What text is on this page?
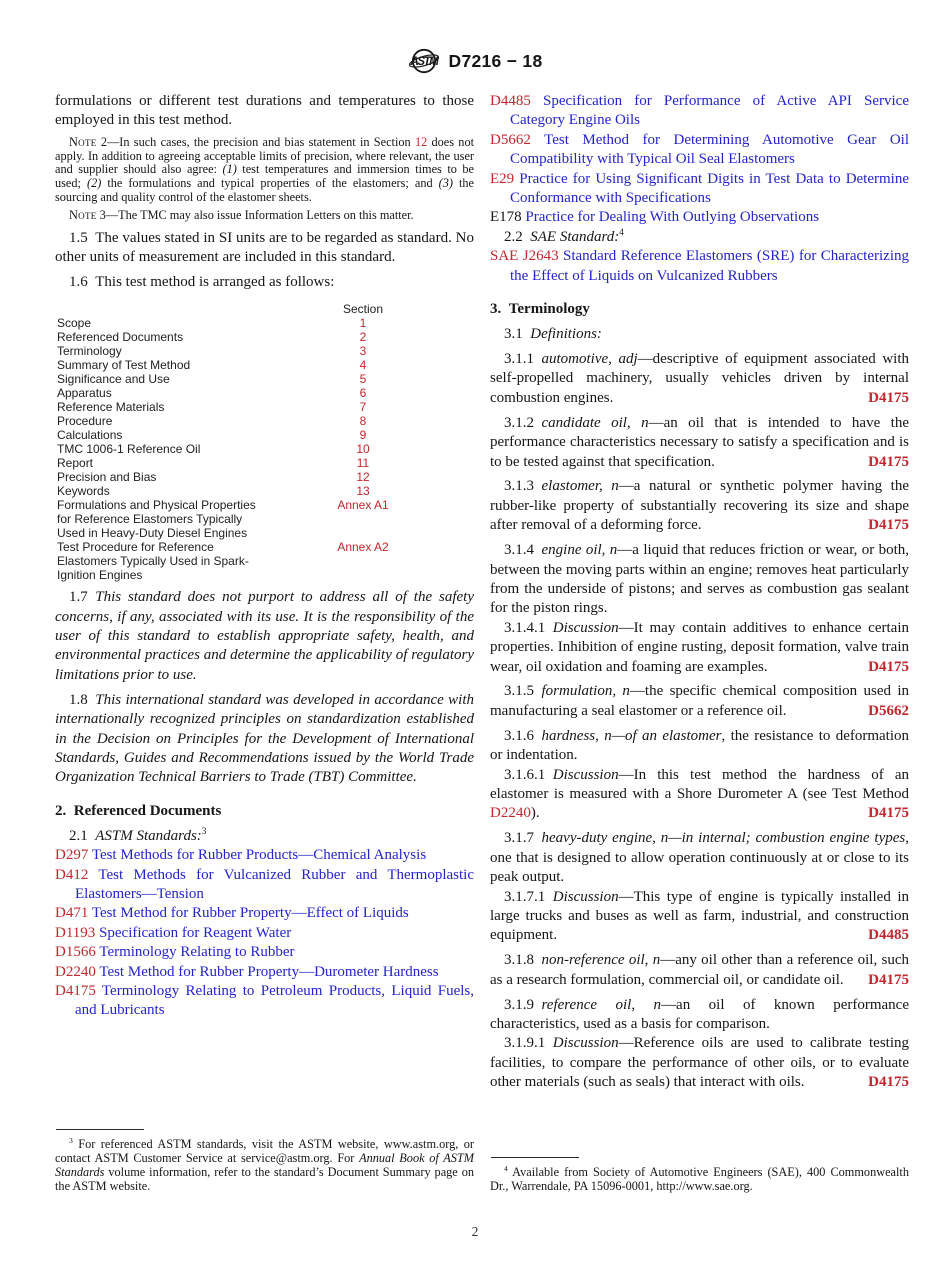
ASTM D7216 − 18

formulations or different test durations and temperatures to those employed in this test method.

Note 2—In such cases, the precision and bias statement in Section 12 does not apply. In addition to agreeing acceptable limits of precision, where relevant, the user and supplier should also agree: (1) test temperatures and immersion times to be used; (2) the formulations and typical properties of the elastomers; and (3) the sourcing and quality control of the elastomer sheets.

Note 3—The TMC may also issue Information Letters on this matter.

1.5 The values stated in SI units are to be regarded as standard. No other units of measurement are included in this standard.

1.6 This test method is arranged as follows:

Section
Scope	1
Referenced Documents	2
Terminology	3
Summary of Test Method	4
Significance and Use	5
Apparatus	6
Reference Materials	7
Procedure	8
Calculations	9
TMC 1006-1 Reference Oil	10
Report	11
Precision and Bias	12
Keywords	13
Formulations and Physical Properties	Annex A1
for Reference Elastomers Typically
Used in Heavy-Duty Diesel Engines
Test Procedure for Reference	Annex A2
Elastomers Typically Used in Spark-
Ignition Engines

1.7 This standard does not purport to address all of the safety concerns, if any, associated with its use. It is the responsibility of the user of this standard to establish appropriate safety, health, and environmental practices and determine the applicability of regulatory limitations prior to use.

1.8 This international standard was developed in accordance with internationally recognized principles on standardization established in the Decision on Principles for the Development of International Standards, Guides and Recommendations issued by the World Trade Organization Technical Barriers to Trade (TBT) Committee.

2. Referenced Documents

2.1 ASTM Standards:$^3$

D297 Test Methods for Rubber Products—Chemical Analysis

D412 Test Methods for Vulcanized Rubber and Thermoplastic Elastomers—Tension

D471 Test Method for Rubber Property—Effect of Liquids

D1193 Specification for Reagent Water

D1566 Terminology Relating to Rubber

D2240 Test Method for Rubber Property—Durometer Hardness

D4175 Terminology Relating to Petroleum Products, Liquid Fuels, and Lubricants

$^3$ For referenced ASTM standards, visit the ASTM website, www.astm.org, or contact ASTM Customer Service at service@astm.org. For Annual Book of ASTM Standards volume information, refer to the standard’s Document Summary page on the ASTM website.

D4485 Specification for Performance of Active API Service Category Engine Oils

D5662 Test Method for Determining Automotive Gear Oil Compatibility with Typical Oil Seal Elastomers

E29 Practice for Using Significant Digits in Test Data to Determine Conformance with Specifications

E178 Practice for Dealing With Outlying Observations

2.2 SAE Standard:$^4$

SAE J2643 Standard Reference Elastomers (SRE) for Characterizing the Effect of Liquids on Vulcanized Rubbers

3. Terminology

3.1 Definitions:

3.1.1 automotive, adj—descriptive of equipment associated with self-propelled machinery, usually vehicles driven by internal combustion engines.	D4175

3.1.2 candidate oil, n—an oil that is intended to have the performance characteristics necessary to satisfy a specification and is to be tested against that specification.	D4175

3.1.3 elastomer, n—a natural or synthetic polymer having the rubber-like property of substantially recovering its size and shape after removal of a deforming force.	D4175

3.1.4 engine oil, n—a liquid that reduces friction or wear, or both, between the moving parts within an engine; removes heat particularly from the underside of pistons; and serves as combustion gas sealant for the piston rings.

3.1.4.1 Discussion—It may contain additives to enhance certain properties. Inhibition of engine rusting, deposit formation, valve train wear, oil oxidation and foaming are examples.	D4175

3.1.5 formulation, n—the specific chemical composition used in manufacturing a seal elastomer or a reference oil.	D5662

3.1.6 hardness, n—of an elastomer, the resistance to deformation or indentation.

3.1.6.1 Discussion—In this test method the hardness of an elastomer is measured with a Shore Durometer A (see Test Method D2240).	D4175

3.1.7 heavy-duty engine, n—in internal; combustion engine types, one that is designed to allow operation continuously at or close to its peak output.

3.1.7.1 Discussion—This type of engine is typically installed in large trucks and buses as well as farm, industrial, and construction equipment.	D4485

3.1.8 non-reference oil, n—any oil other than a reference oil, such as a research formulation, commercial oil, or candidate oil.	D4175

3.1.9 reference oil, n—an oil of known performance characteristics, used as a basis for comparison.

3.1.9.1 Discussion—Reference oils are used to calibrate testing facilities, to compare the performance of other oils, or to evaluate other materials (such as seals) that interact with oils.	D4175

$^4$ Available from Society of Automotive Engineers (SAE), 400 Commonwealth Dr., Warrendale, PA 15096-0001, http://www.sae.org.

2
